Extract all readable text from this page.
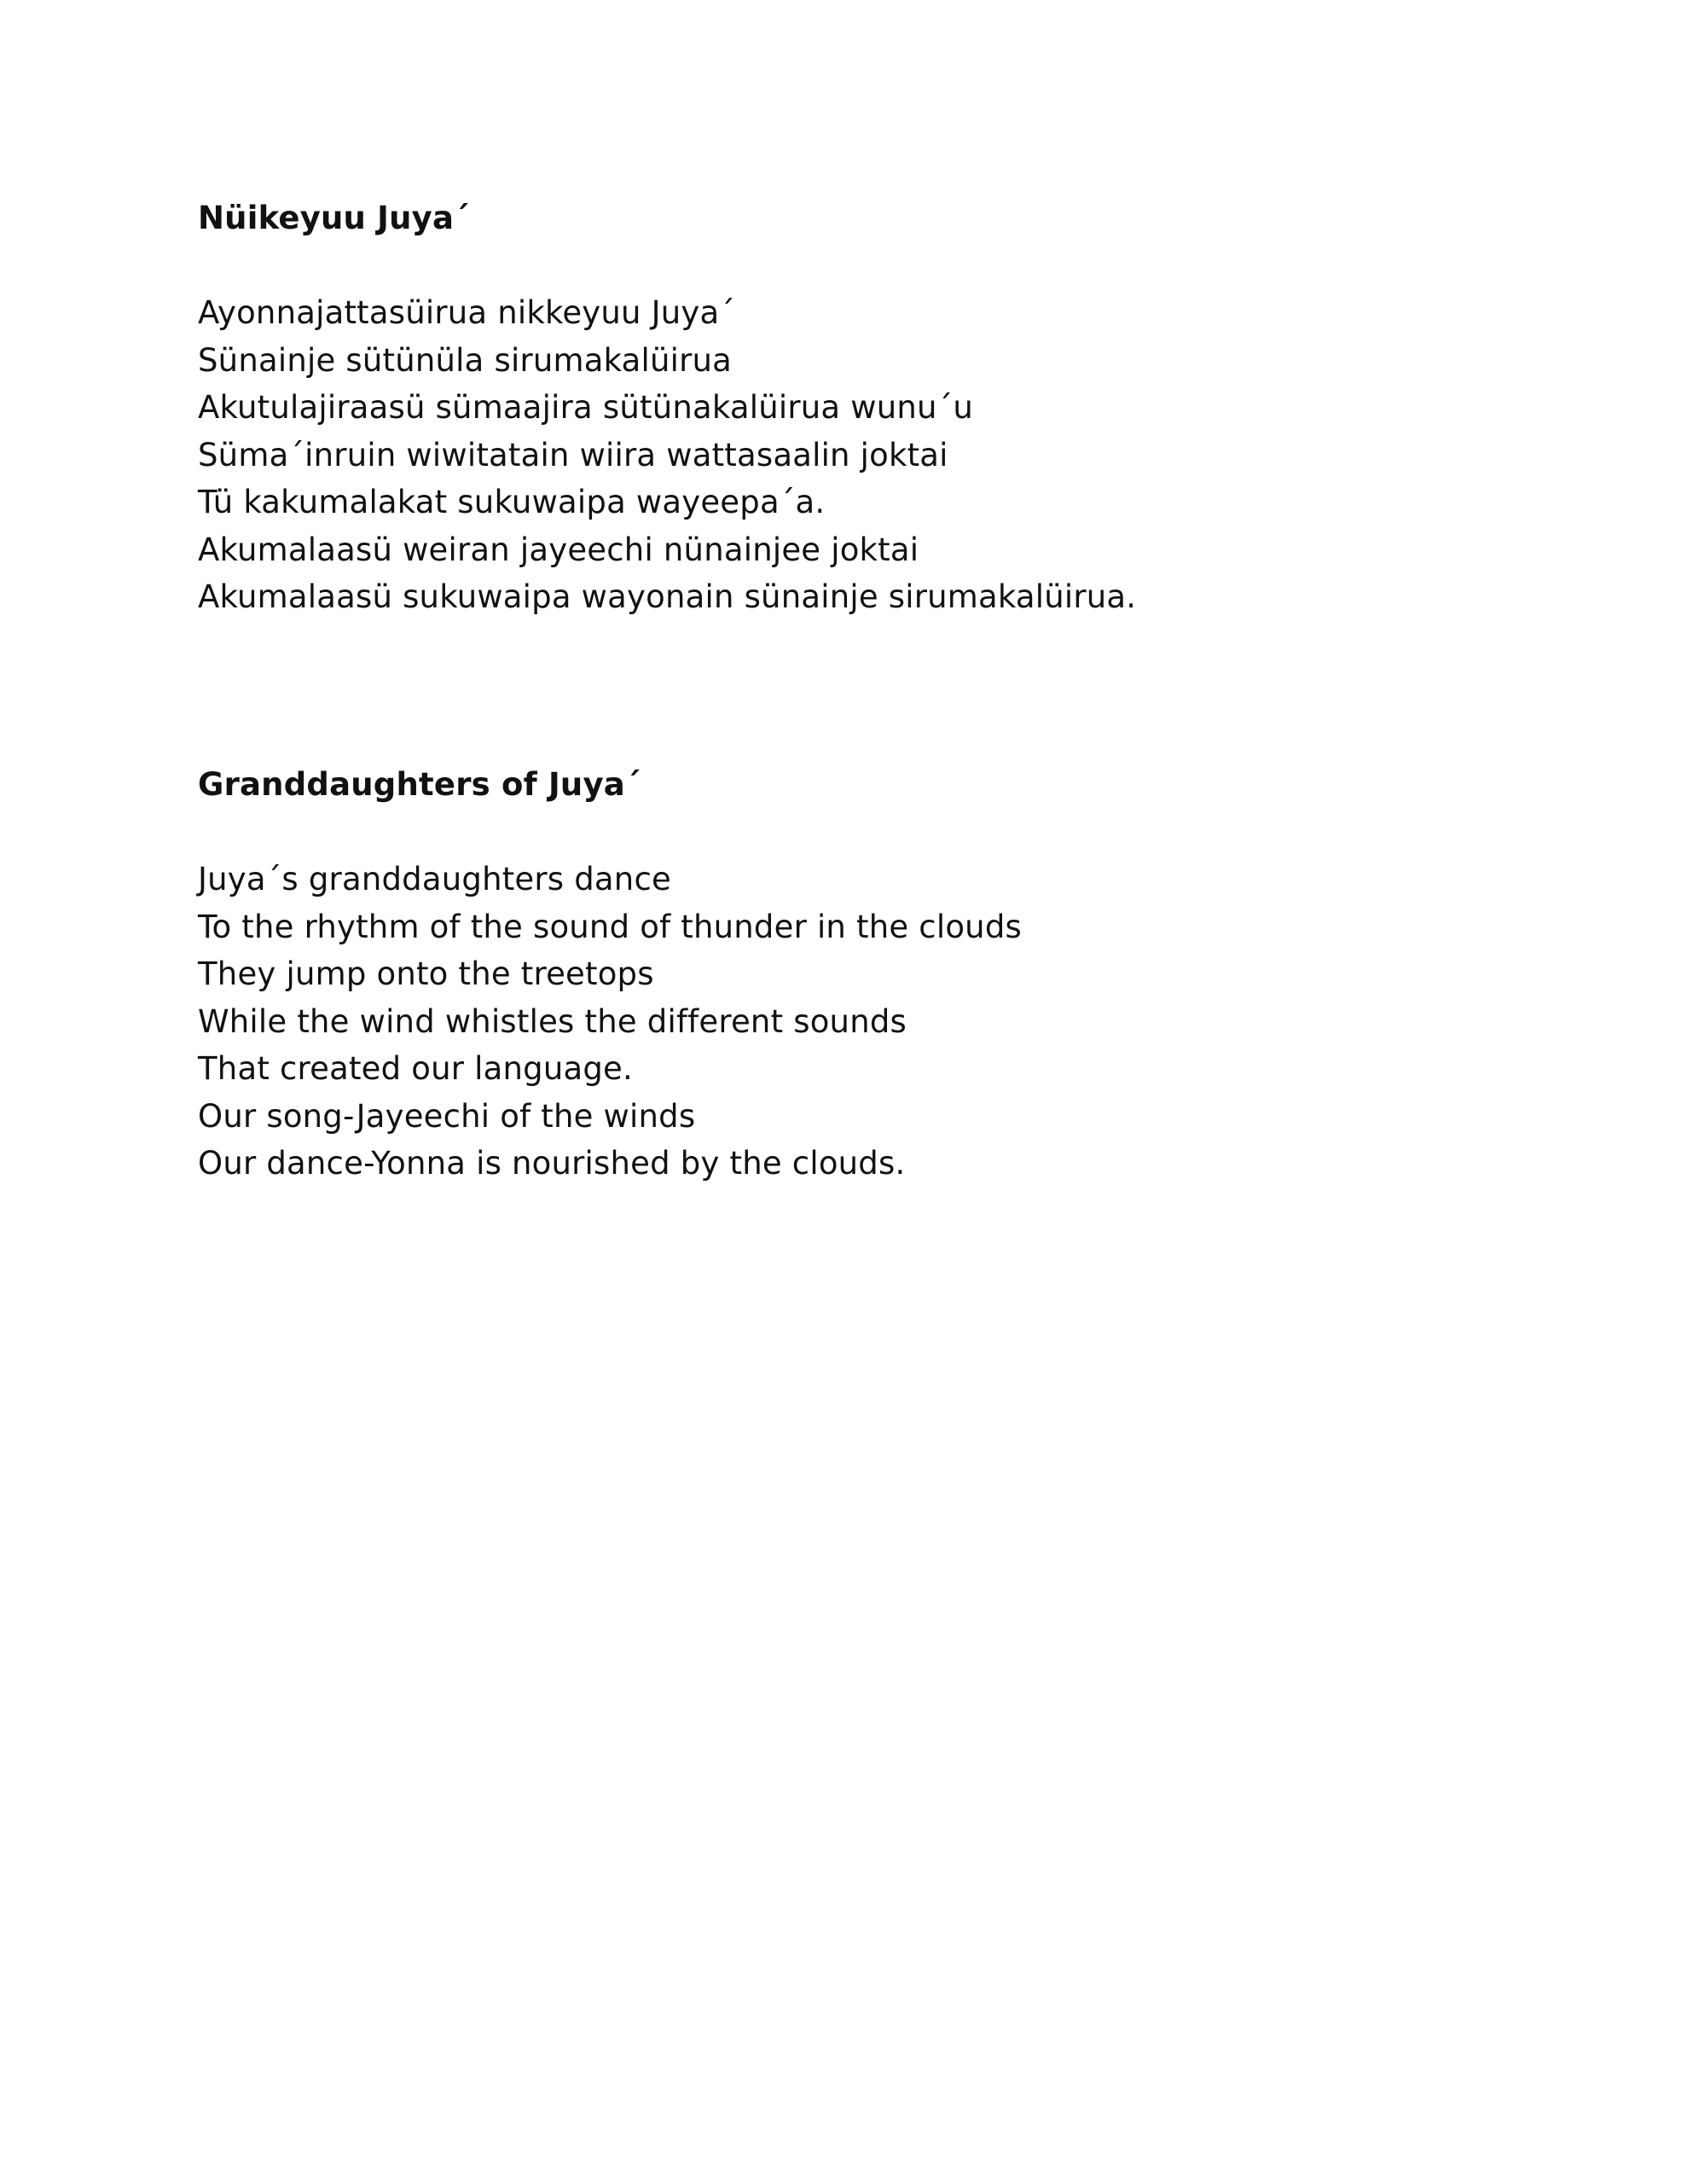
Nüikeyuu Juya´
Ayonnajattasüirua nikkeyuu Juya´
Sünainje sütünüla sirumakalüirua
Akutulajiraasü sümaajira sütünakalüirua wunu´u
Süma´inruin wiwitatain wiira wattasaalin joktai
Tü kakumalakat sukuwaipa wayeepa´a.
Akumalaasü weiran jayeechi nünainjee joktai
Akumalaasü sukuwaipa wayonain sünainje sirumakalüirua.
Granddaughters of Juya´
Juya´s granddaughters dance
To the rhythm of the sound of thunder in the clouds
They jump onto the treetops
While the wind whistles the different sounds
That created our language.
Our song-Jayeechi of the winds
Our dance-Yonna is nourished by the clouds.
